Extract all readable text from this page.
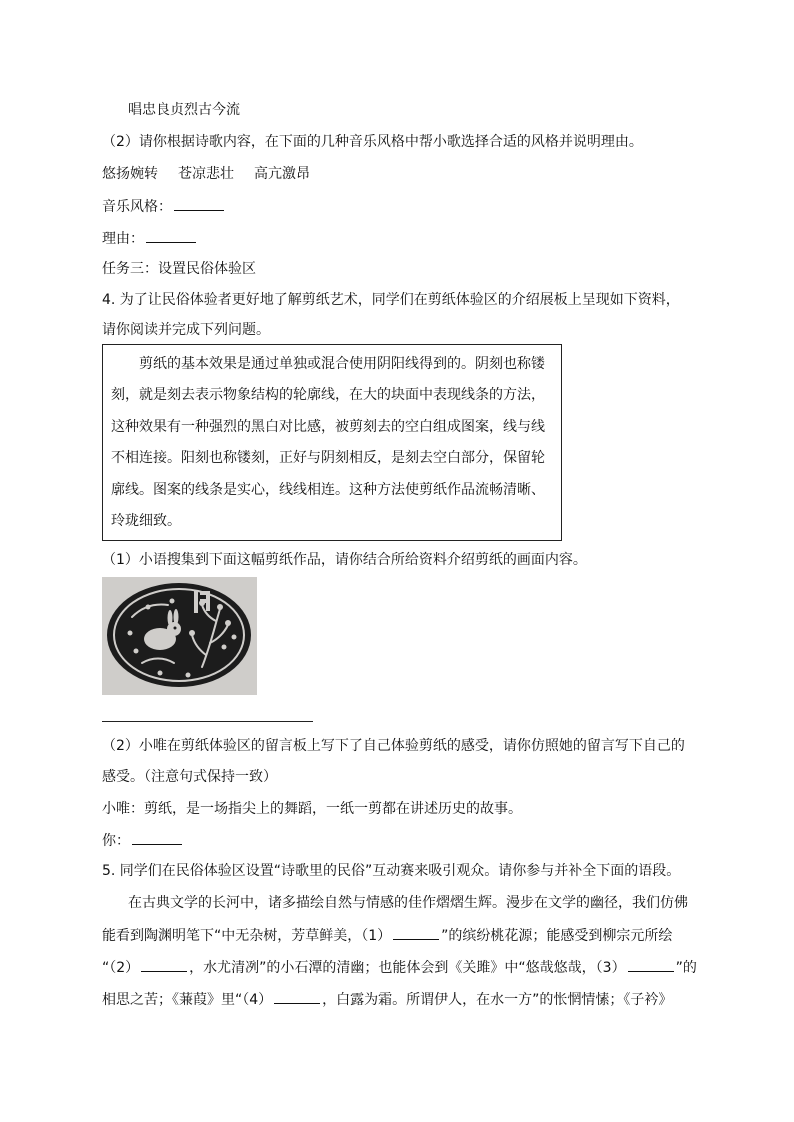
唱忠良贞烈古今流
（2）请你根据诗歌内容，在下面的几种音乐风格中帮小歌选择合适的风格并说明理由。
悠扬婉转 苍凉悲壮 高亢激昂
音乐风格：
理由：
任务三：设置民俗体验区
4. 为了让民俗体验者更好地了解剪纸艺术，同学们在剪纸体验区的介绍展板上呈现如下资料，
请你阅读并完成下列问题。
　　剪纸的基本效果是通过单独或混合使用阴阳线得到的。阴刻也称镂
刻，就是刻去表示物象结构的轮廓线，在大的块面中表现线条的方法，
这种效果有一种强烈的黑白对比感，被剪刻去的空白组成图案，线与线
不相连接。阳刻也称镂刻，正好与阴刻相反，是刻去空白部分，保留轮
廓线。图案的线条是实心，线线相连。这种方法使剪纸作品流畅清晰、
玲珑细致。
（1）小语搜集到下面这幅剪纸作品，请你结合所给资料介绍剪纸的画面内容。
（2）小唯在剪纸体验区的留言板上写下了自己体验剪纸的感受，请你仿照她的留言写下自己的
感受。（注意句式保持一致）
小唯：剪纸，是一场指尖上的舞蹈，一纸一剪都在讲述历史的故事。
你：
5. 同学们在民俗体验区设置“诗歌里的民俗”互动赛来吸引观众。请你参与并补全下面的语段。
在古典文学的长河中，诸多描绘自然与情感的佳作熠熠生辉。漫步在文学的幽径，我们仿佛
能看到陶渊明笔下“中无杂树，芳草鲜美，（1）	”的缤纷桃花源；能感受到柳宗元所绘
“（2）	，水尤清冽”的小石潭的清幽；也能体会到《关雎》中“悠哉悠哉，（3）	”的
相思之苦；《蒹葭》里“（4）	，白露为霜。所谓伊人，在水一方”的怅惘情愫；《子衿》
